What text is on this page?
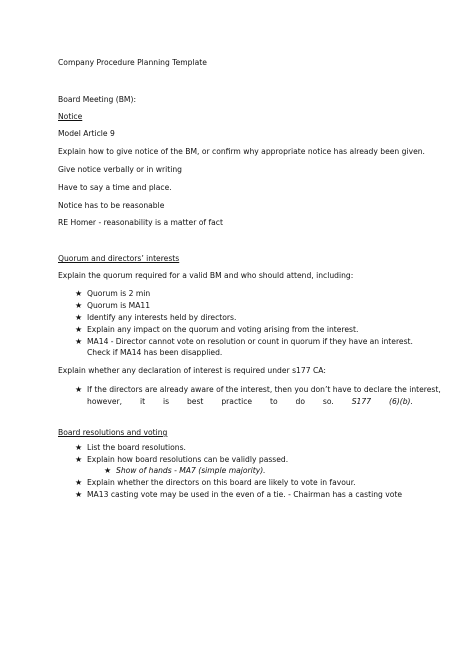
Company Procedure Planning Template
Board Meeting (BM):
Notice
Model Article 9
Explain how to give notice of the BM, or confirm why appropriate notice has already been given.
Give notice verbally or in writing
Have to say a time and place.
Notice has to be reasonable
RE Homer - reasonability is a matter of fact
Quorum and directors’ interests
Explain the quorum required for a valid BM and who should attend, including:
★ Quorum is 2 min
★ Quorum is MA11
★ Identify any interests held by directors.
★ Explain any impact on the quorum and voting arising from the interest.
★ MA14 - Director cannot vote on resolution or count in quorum if they have an interest.
Check if MA14 has been disapplied.
Explain whether any declaration of interest is required under s177 CA:
★ If the directors are already aware of the interest, then you don’t have to declare the interest,
however, it is best practice to do so. S177 (6)(b).
Board resolutions and voting
★ List the board resolutions.
★ Explain how board resolutions can be validly passed.
★ Show of hands - MA7 (simple majority).
★ Explain whether the directors on this board are likely to vote in favour.
★ MA13 casting vote may be used in the even of a tie. - Chairman has a casting vote
